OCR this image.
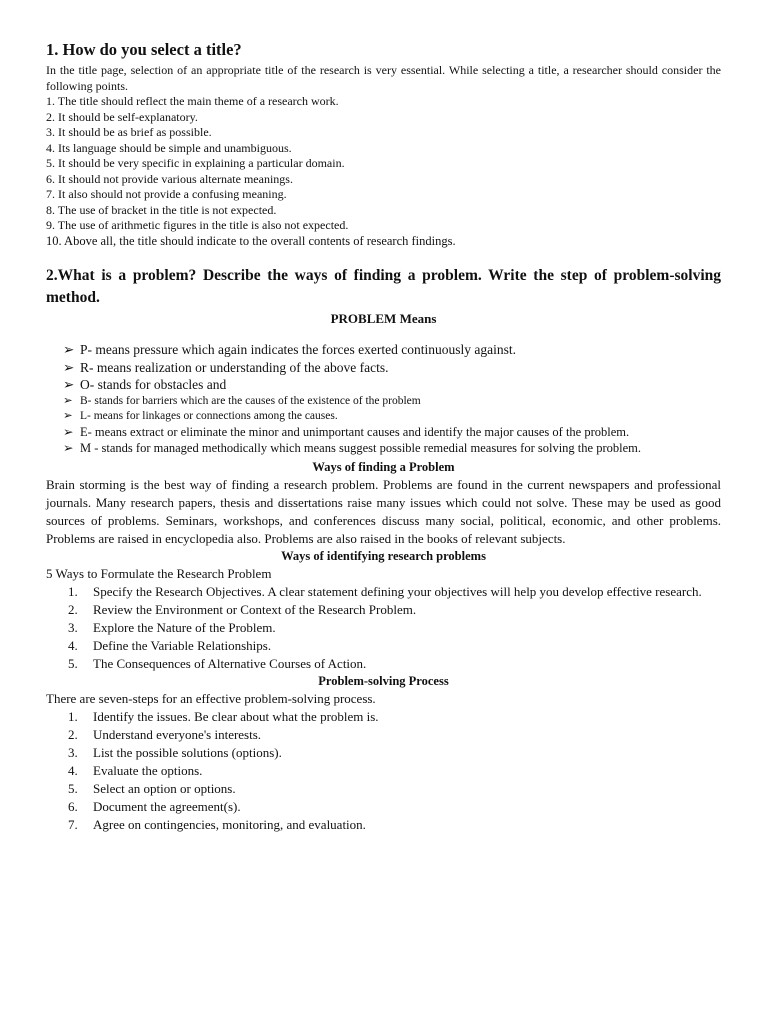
1. How do you select a title?

In the title page, selection of an appropriate title of the research is very essential. While selecting a title, a researcher should consider the following points.

1. The title should reflect the main theme of a research work.

2. It should be self-explanatory.

3. It should be as brief as possible.

4. Its language should be simple and unambiguous.

5. It should be very specific in explaining a particular domain.

6. It should not provide various alternate meanings.

7. It also should not provide a confusing meaning.

8. The use of bracket in the title is not expected.

9. The use of arithmetic figures in the title is also not expected.

10. Above all, the title should indicate to the overall contents of research findings.

2.What is a problem? Describe the ways of finding a problem. Write the step of problem-solving method.

PROBLEM Means

➢ P- means pressure which again indicates the forces exerted continuously against.
➢ R- means realization or understanding of the above facts.
➢ O- stands for obstacles and
➢ B- stands for barriers which are the causes of the existence of the problem
➢ L- means for linkages or connections among the causes.
➢ E- means extract or eliminate the minor and unimportant causes and identify the major causes of the problem.
➢ M - stands for managed methodically which means suggest possible remedial measures for solving the problem.

Ways of finding a Problem

Brain storming is the best way of finding a research problem. Problems are found in the current newspapers and professional journals. Many research papers, thesis and dissertations raise many issues which could not solve. These may be used as good sources of problems. Seminars, workshops, and conferences discuss many social, political, economic, and other problems. Problems are raised in encyclopedia also. Problems are also raised in the books of relevant subjects.

Ways of identifying research problems

5 Ways to Formulate the Research Problem

1. Specify the Research Objectives. A clear statement defining your objectives will help you develop effective research.
2. Review the Environment or Context of the Research Problem.
3. Explore the Nature of the Problem.
4. Define the Variable Relationships.
5. The Consequences of Alternative Courses of Action.

Problem-solving Process

There are seven-steps for an effective problem-solving process.

1. Identify the issues. Be clear about what the problem is.
2. Understand everyone's interests.
3. List the possible solutions (options).
4. Evaluate the options.
5. Select an option or options.
6. Document the agreement(s).
7. Agree on contingencies, monitoring, and evaluation.
